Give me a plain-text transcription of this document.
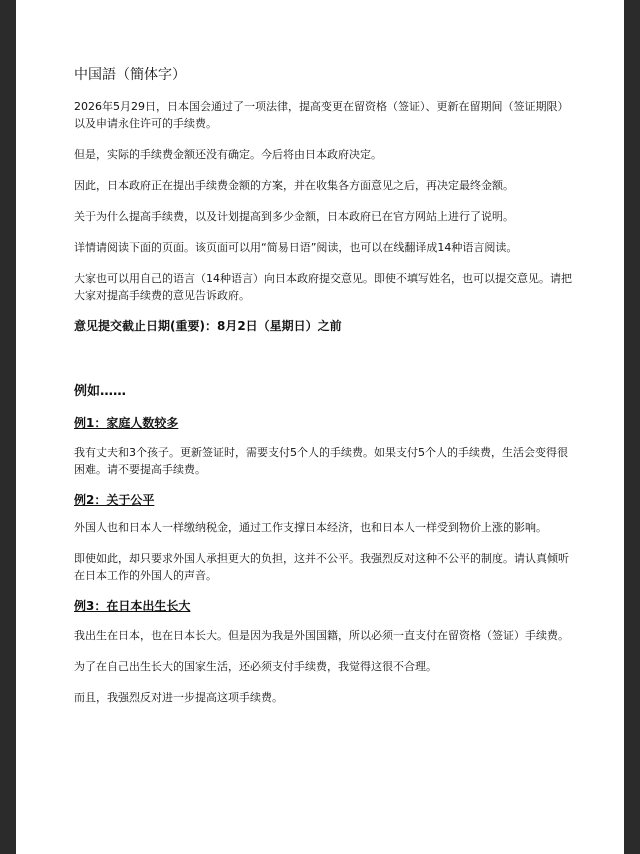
中国語（簡体字）

2026年5月29日，日本国会通过了一项法律，提高变更在留资格（签证）、更新在留期间（签证期限）以及申请永住许可的手续费。

但是，实际的手续费金额还没有确定。今后将由日本政府决定。

因此，日本政府正在提出手续费金额的方案，并在收集各方面意见之后，再决定最终金额。

关于为什么提高手续费，以及计划提高到多少金额，日本政府已在官方网站上进行了说明。

详情请阅读下面的页面。该页面可以用“简易日语”阅读，也可以在线翻译成14种语言阅读。

大家也可以用自己的语言（14种语言）向日本政府提交意见。即使不填写姓名，也可以提交意见。请把大家对提高手续费的意见告诉政府。

意见提交截止日期(重要)：8月2日（星期日）之前
例如……
例1：家庭人数较多

我有丈夫和3个孩子。更新签证时，需要支付5个人的手续费。如果支付5个人的手续费，生活会变得很困难。请不要提高手续费。

例2：关于公平

外国人也和日本人一样缴纳税金，通过工作支撑日本经济，也和日本人一样受到物价上涨的影响。

即使如此，却只要求外国人承担更大的负担，这并不公平。我强烈反对这种不公平的制度。请认真倾听在日本工作的外国人的声音。

例3：在日本出生长大

我出生在日本，也在日本长大。但是因为我是外国国籍，所以必须一直支付在留资格（签证）手续费。

为了在自己出生长大的国家生活，还必须支付手续费，我觉得这很不合理。

而且，我强烈反对进一步提高这项手续费。
